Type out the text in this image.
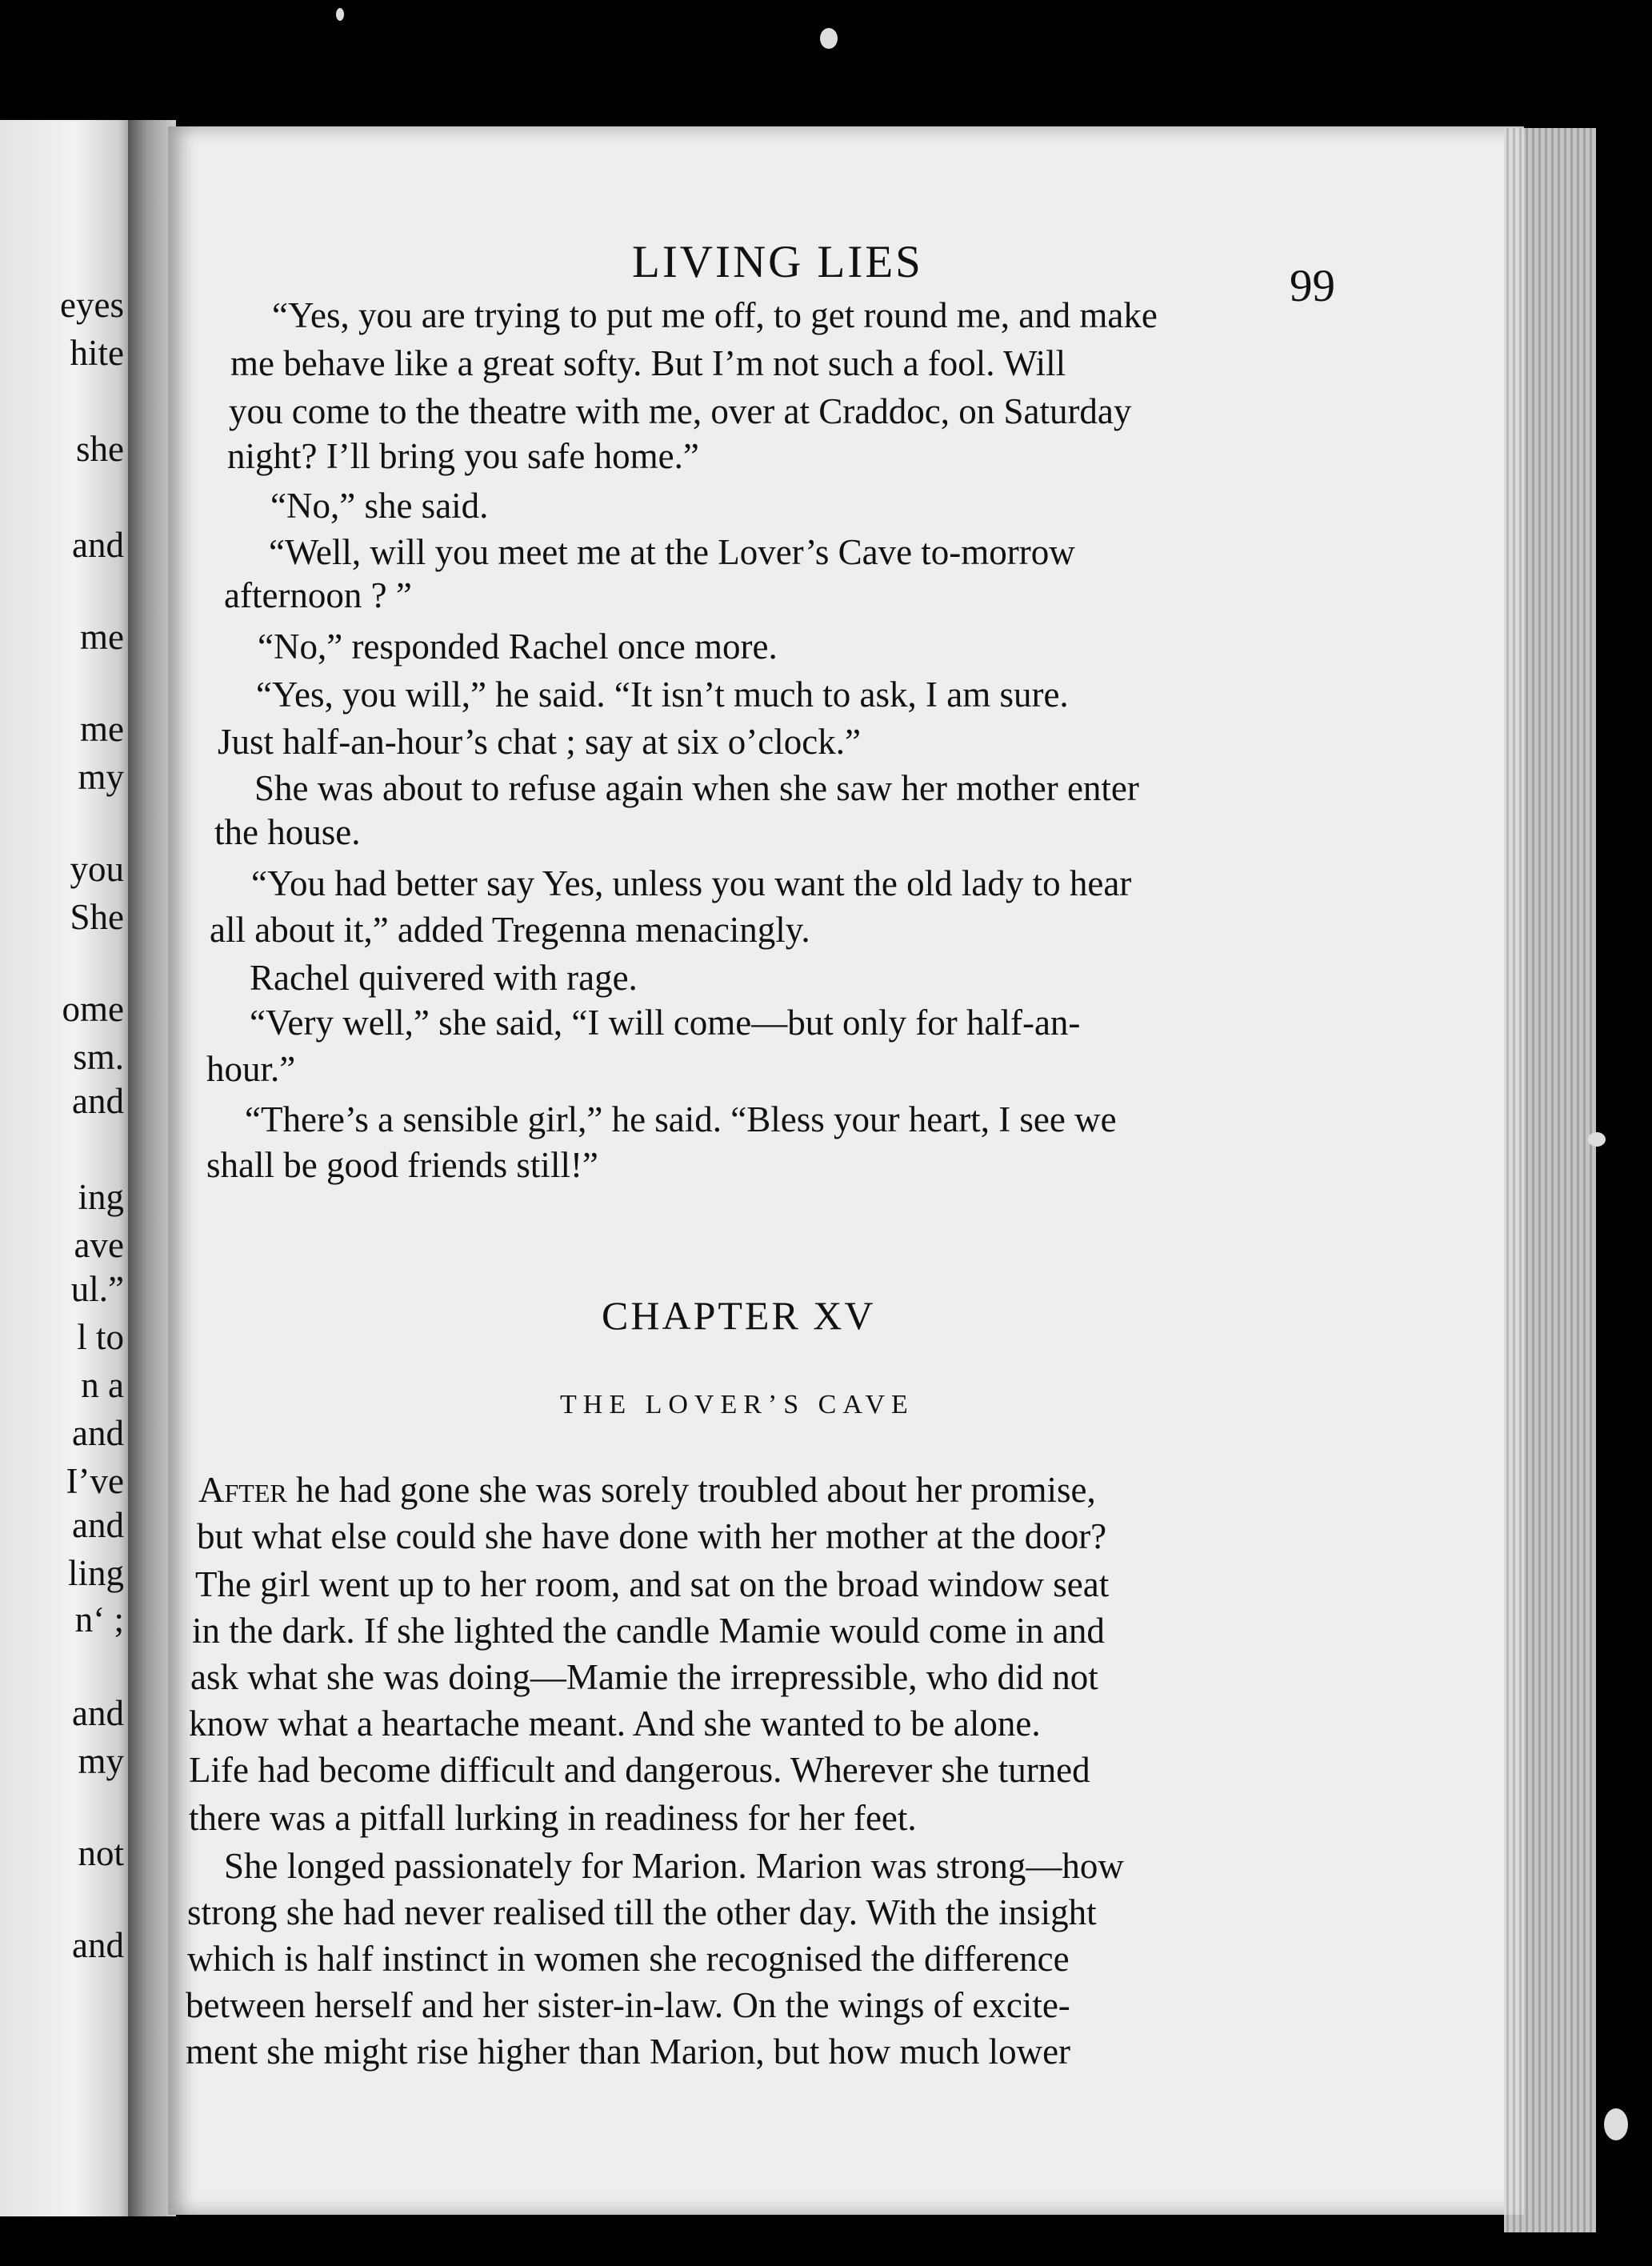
eyes
hite
she
and
me
me
my
you
She
ome
sm.
and
ing
ave
ul.”
l to
n a
and
I’ve
and
ling
n‘ ;
and
my
not
and
LIVING LIES	99
“Yes, you are trying to put me off, to get round me, and make
me behave like a great softy. But I’m not such a fool. Will
you come to the theatre with me, over at Craddoc, on Saturday
night? I’ll bring you safe home.”
“No,” she said.
“Well, will you meet me at the Lover’s Cave to-morrow
afternoon ? ”
“No,” responded Rachel once more.
“Yes, you will,” he said. “It isn’t much to ask, I am sure.
Just half-an-hour’s chat ; say at six o’clock.”
She was about to refuse again when she saw her mother enter
the house.
“You had better say Yes, unless you want the old lady to hear
all about it,” added Tregenna menacingly.
Rachel quivered with rage.
“Very well,” she said, “I will come—but only for half-an-
hour.”
“There’s a sensible girl,” he said. “Bless your heart, I see we
shall be good friends still!”
CHAPTER XV
THE LOVER’S CAVE
After he had gone she was sorely troubled about her promise,
but what else could she have done with her mother at the door?
The girl went up to her room, and sat on the broad window seat
in the dark. If she lighted the candle Mamie would come in and
ask what she was doing—Mamie the irrepressible, who did not
know what a heartache meant. And she wanted to be alone.
Life had become difficult and dangerous. Wherever she turned
there was a pitfall lurking in readiness for her feet.
She longed passionately for Marion. Marion was strong—how
strong she had never realised till the other day. With the insight
which is half instinct in women she recognised the difference
between herself and her sister-in-law. On the wings of excite-
ment she might rise higher than Marion, but how much lower
